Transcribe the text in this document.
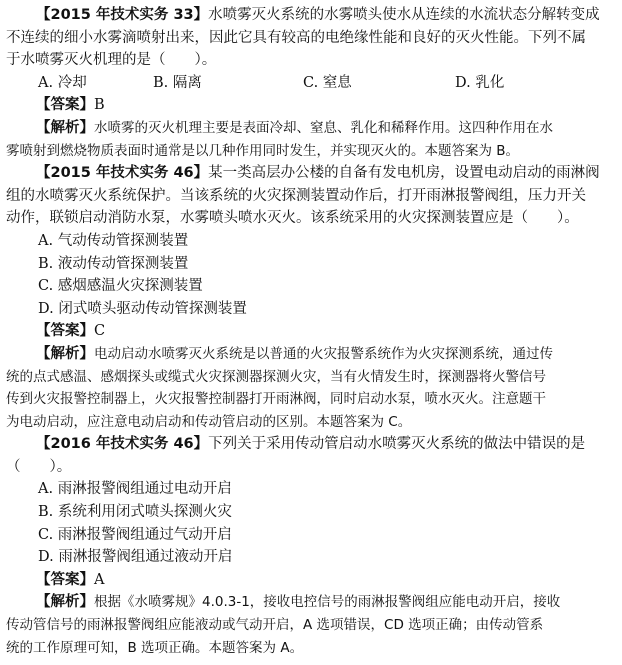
【2015 年技术实务 33】水喷雾灭火系统的水雾喷头使水从连续的水流状态分解转变成
不连续的细小水雾滴喷射出来，因此它具有较高的电绝缘性能和良好的灭火性能。下列不属
于水喷雾灭火机理的是（　　）。
A. 冷却	B. 隔离	C. 窒息	D. 乳化
【答案】B
【解析】水喷雾的灭火机理主要是表面冷却、窒息、乳化和稀释作用。这四种作用在水
雾喷射到燃烧物质表面时通常是以几种作用同时发生，并实现灭火的。本题答案为 B。
【2015 年技术实务 46】某一类高层办公楼的自备有发电机房，设置电动启动的雨淋阀
组的水喷雾灭火系统保护。当该系统的火灾探测装置动作后，打开雨淋报警阀组，压力开关
动作，联锁启动消防水泵，水雾喷头喷水灭火。该系统采用的火灾探测装置应是（　　）。
A. 气动传动管探测装置
B. 液动传动管探测装置
C. 感烟感温火灾探测装置
D. 闭式喷头驱动传动管探测装置
【答案】C
【解析】电动启动水喷雾灭火系统是以普通的火灾报警系统作为火灾探测系统，通过传
统的点式感温、感烟探头或缆式火灾探测器探测火灾，当有火情发生时，探测器将火警信号
传到火灾报警控制器上，火灾报警控制器打开雨淋阀，同时启动水泵，喷水灭火。注意题干
为电动启动，应注意电动启动和传动管启动的区别。本题答案为 C。
【2016 年技术实务 46】下列关于采用传动管启动水喷雾灭火系统的做法中错误的是
（　　）。
A. 雨淋报警阀组通过电动开启
B. 系统利用闭式喷头探测火灾
C. 雨淋报警阀组通过气动开启
D. 雨淋报警阀组通过液动开启
【答案】A
【解析】根据《水喷雾规》4.0.3-1，接收电控信号的雨淋报警阀组应能电动开启，接收
传动管信号的雨淋报警阀组应能液动或气动开启，A 选项错误，CD 选项正确；由传动管系
统的工作原理可知，B 选项正确。本题答案为 A。
